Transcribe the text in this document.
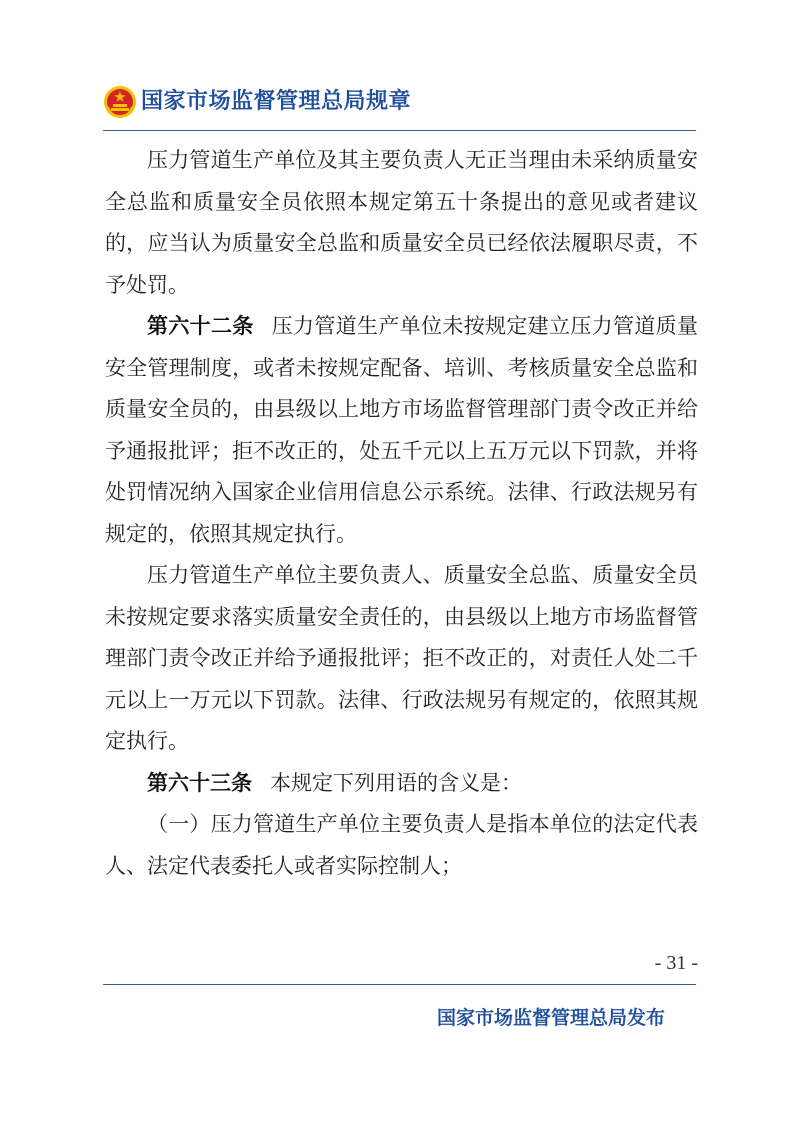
国家市场监督管理总局规章

压力管道生产单位及其主要负责人无正当理由未采纳质量安全总监和质量安全员依照本规定第五十条提出的意见或者建议的，应当认为质量安全总监和质量安全员已经依法履职尽责，不予处罚。

第六十二条 压力管道生产单位未按规定建立压力管道质量安全管理制度，或者未按规定配备、培训、考核质量安全总监和质量安全员的，由县级以上地方市场监督管理部门责令改正并给予通报批评；拒不改正的，处五千元以上五万元以下罚款，并将处罚情况纳入国家企业信用信息公示系统。法律、行政法规另有规定的，依照其规定执行。

压力管道生产单位主要负责人、质量安全总监、质量安全员未按规定要求落实质量安全责任的，由县级以上地方市场监督管理部门责令改正并给予通报批评；拒不改正的，对责任人处二千元以上一万元以下罚款。法律、行政法规另有规定的，依照其规定执行。

第六十三条 本规定下列用语的含义是：

（一）压力管道生产单位主要负责人是指本单位的法定代表人、法定代表委托人或者实际控制人；

- 31 -
国家市场监督管理总局发布
